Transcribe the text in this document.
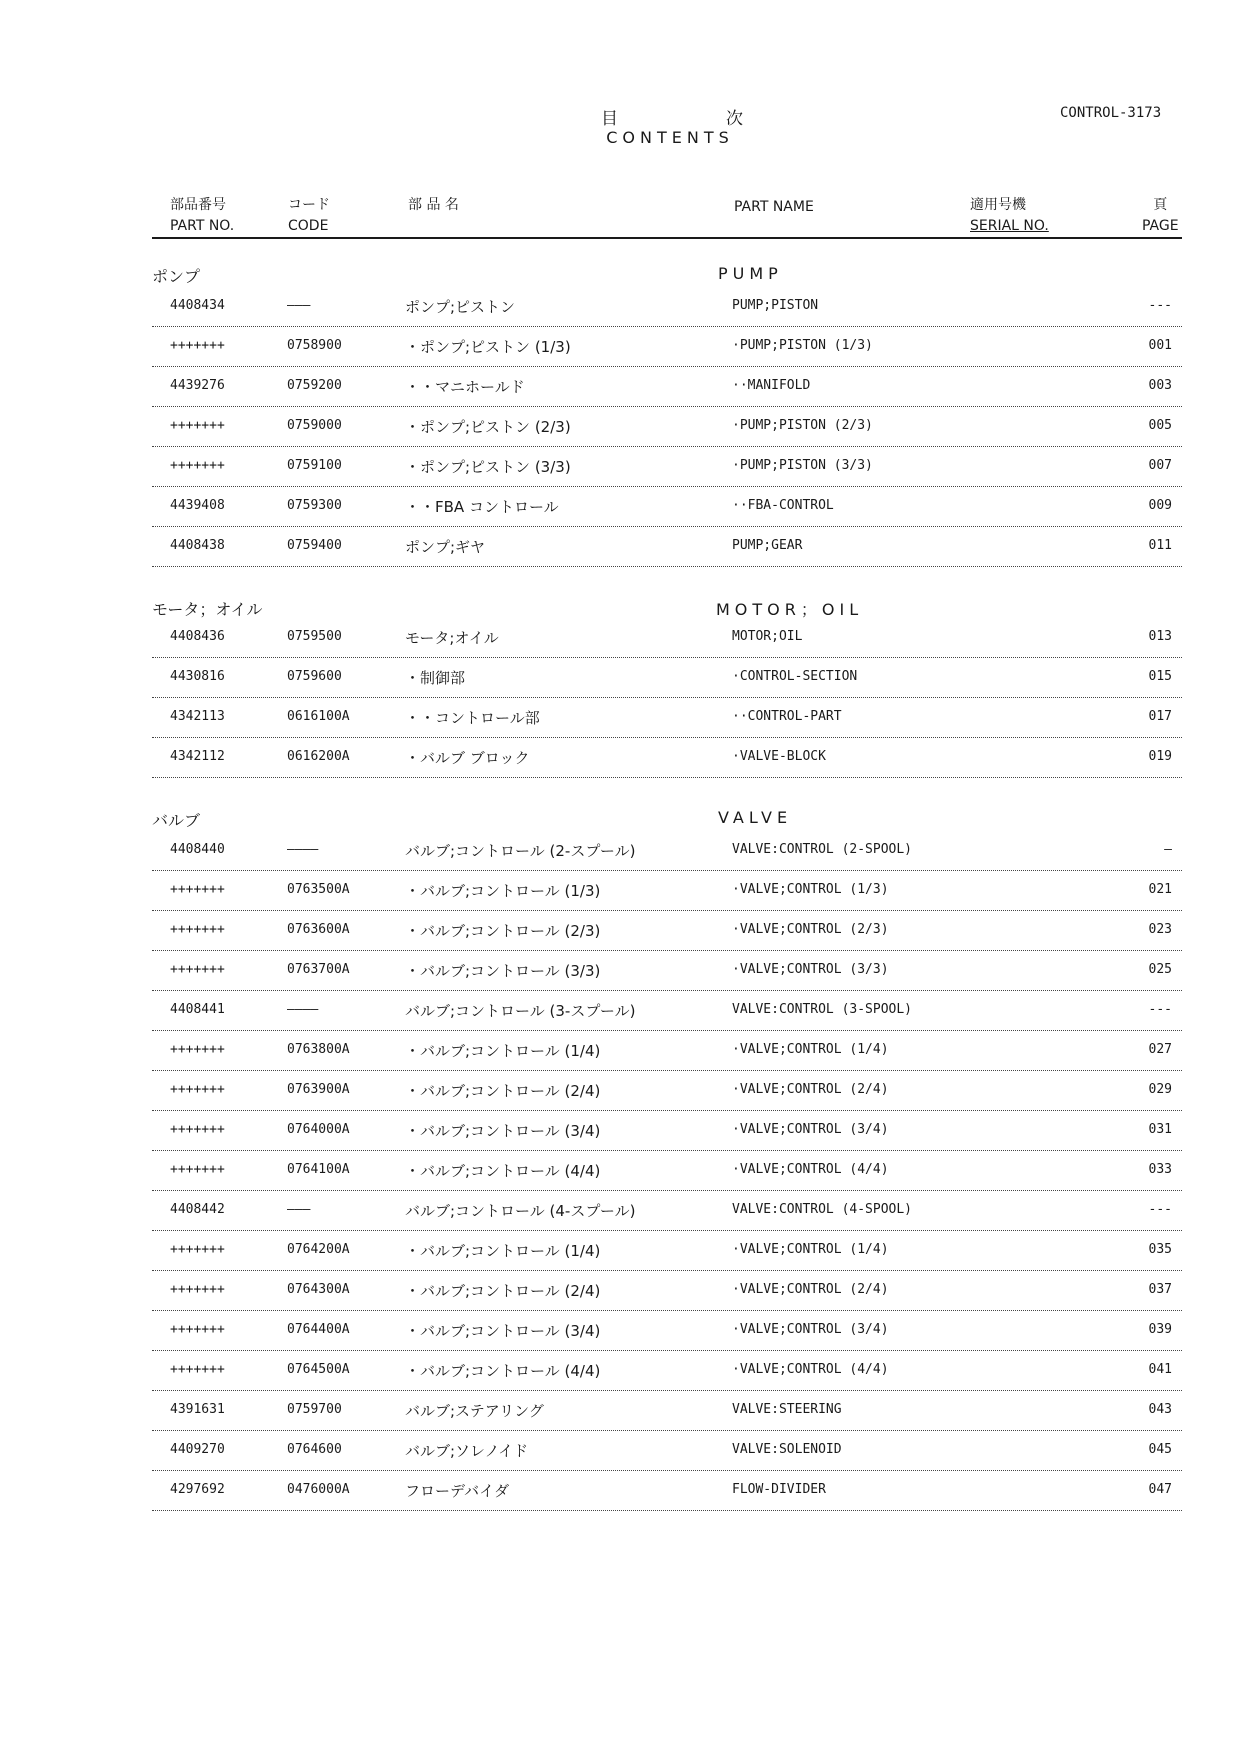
目	次
CONTENTS
CONTROL-3173
部品番号
PART NO.
コード
CODE
部 品 名	PART NAME	適用号機
SERIAL NO.
頁
PAGE
ポンプ	PUMP
4408434	———	ポンプ;ピストン	PUMP;PISTON	---
+++++++	0758900	・ポンプ;ピストン (1/3)	·PUMP;PISTON (1/3)	001
4439276	0759200	・・マニホールド	··MANIFOLD	003
+++++++	0759000	・ポンプ;ピストン (2/3)	·PUMP;PISTON (2/3)	005
+++++++	0759100	・ポンプ;ピストン (3/3)	·PUMP;PISTON (3/3)	007
4439408	0759300	・・FBA コントロール	··FBA-CONTROL	009
4408438	0759400	ポンプ;ギヤ	PUMP;GEAR	011
モータ；オイル	MOTOR；OIL
4408436	0759500	モータ;オイル	MOTOR;OIL	013
4430816	0759600	・制御部	·CONTROL-SECTION	015
4342113	0616100A	・・コントロール部	··CONTROL-PART	017
4342112	0616200A	・バルブ ブロック	·VALVE-BLOCK	019
バルブ	VALVE
4408440	————	バルブ;コントロール (2-スプール)	VALVE:CONTROL (2-SPOOL)	—
+++++++	0763500A	・バルブ;コントロール (1/3)	·VALVE;CONTROL (1/3)	021
+++++++	0763600A	・バルブ;コントロール (2/3)	·VALVE;CONTROL (2/3)	023
+++++++	0763700A	・バルブ;コントロール (3/3)	·VALVE;CONTROL (3/3)	025
4408441	————	バルブ;コントロール (3-スプール)	VALVE:CONTROL (3-SPOOL)	---
+++++++	0763800A	・バルブ;コントロール (1/4)	·VALVE;CONTROL (1/4)	027
+++++++	0763900A	・バルブ;コントロール (2/4)	·VALVE;CONTROL (2/4)	029
+++++++	0764000A	・バルブ;コントロール (3/4)	·VALVE;CONTROL (3/4)	031
+++++++	0764100A	・バルブ;コントロール (4/4)	·VALVE;CONTROL (4/4)	033
4408442	———	バルブ;コントロール (4-スプール)	VALVE:CONTROL (4-SPOOL)	---
+++++++	0764200A	・バルブ;コントロール (1/4)	·VALVE;CONTROL (1/4)	035
+++++++	0764300A	・バルブ;コントロール (2/4)	·VALVE;CONTROL (2/4)	037
+++++++	0764400A	・バルブ;コントロール (3/4)	·VALVE;CONTROL (3/4)	039
+++++++	0764500A	・バルブ;コントロール (4/4)	·VALVE;CONTROL (4/4)	041
4391631	0759700	バルブ;ステアリング	VALVE:STEERING	043
4409270	0764600	バルブ;ソレノイド	VALVE:SOLENOID	045
4297692	0476000A	フローデバイダ	FLOW-DIVIDER	047
